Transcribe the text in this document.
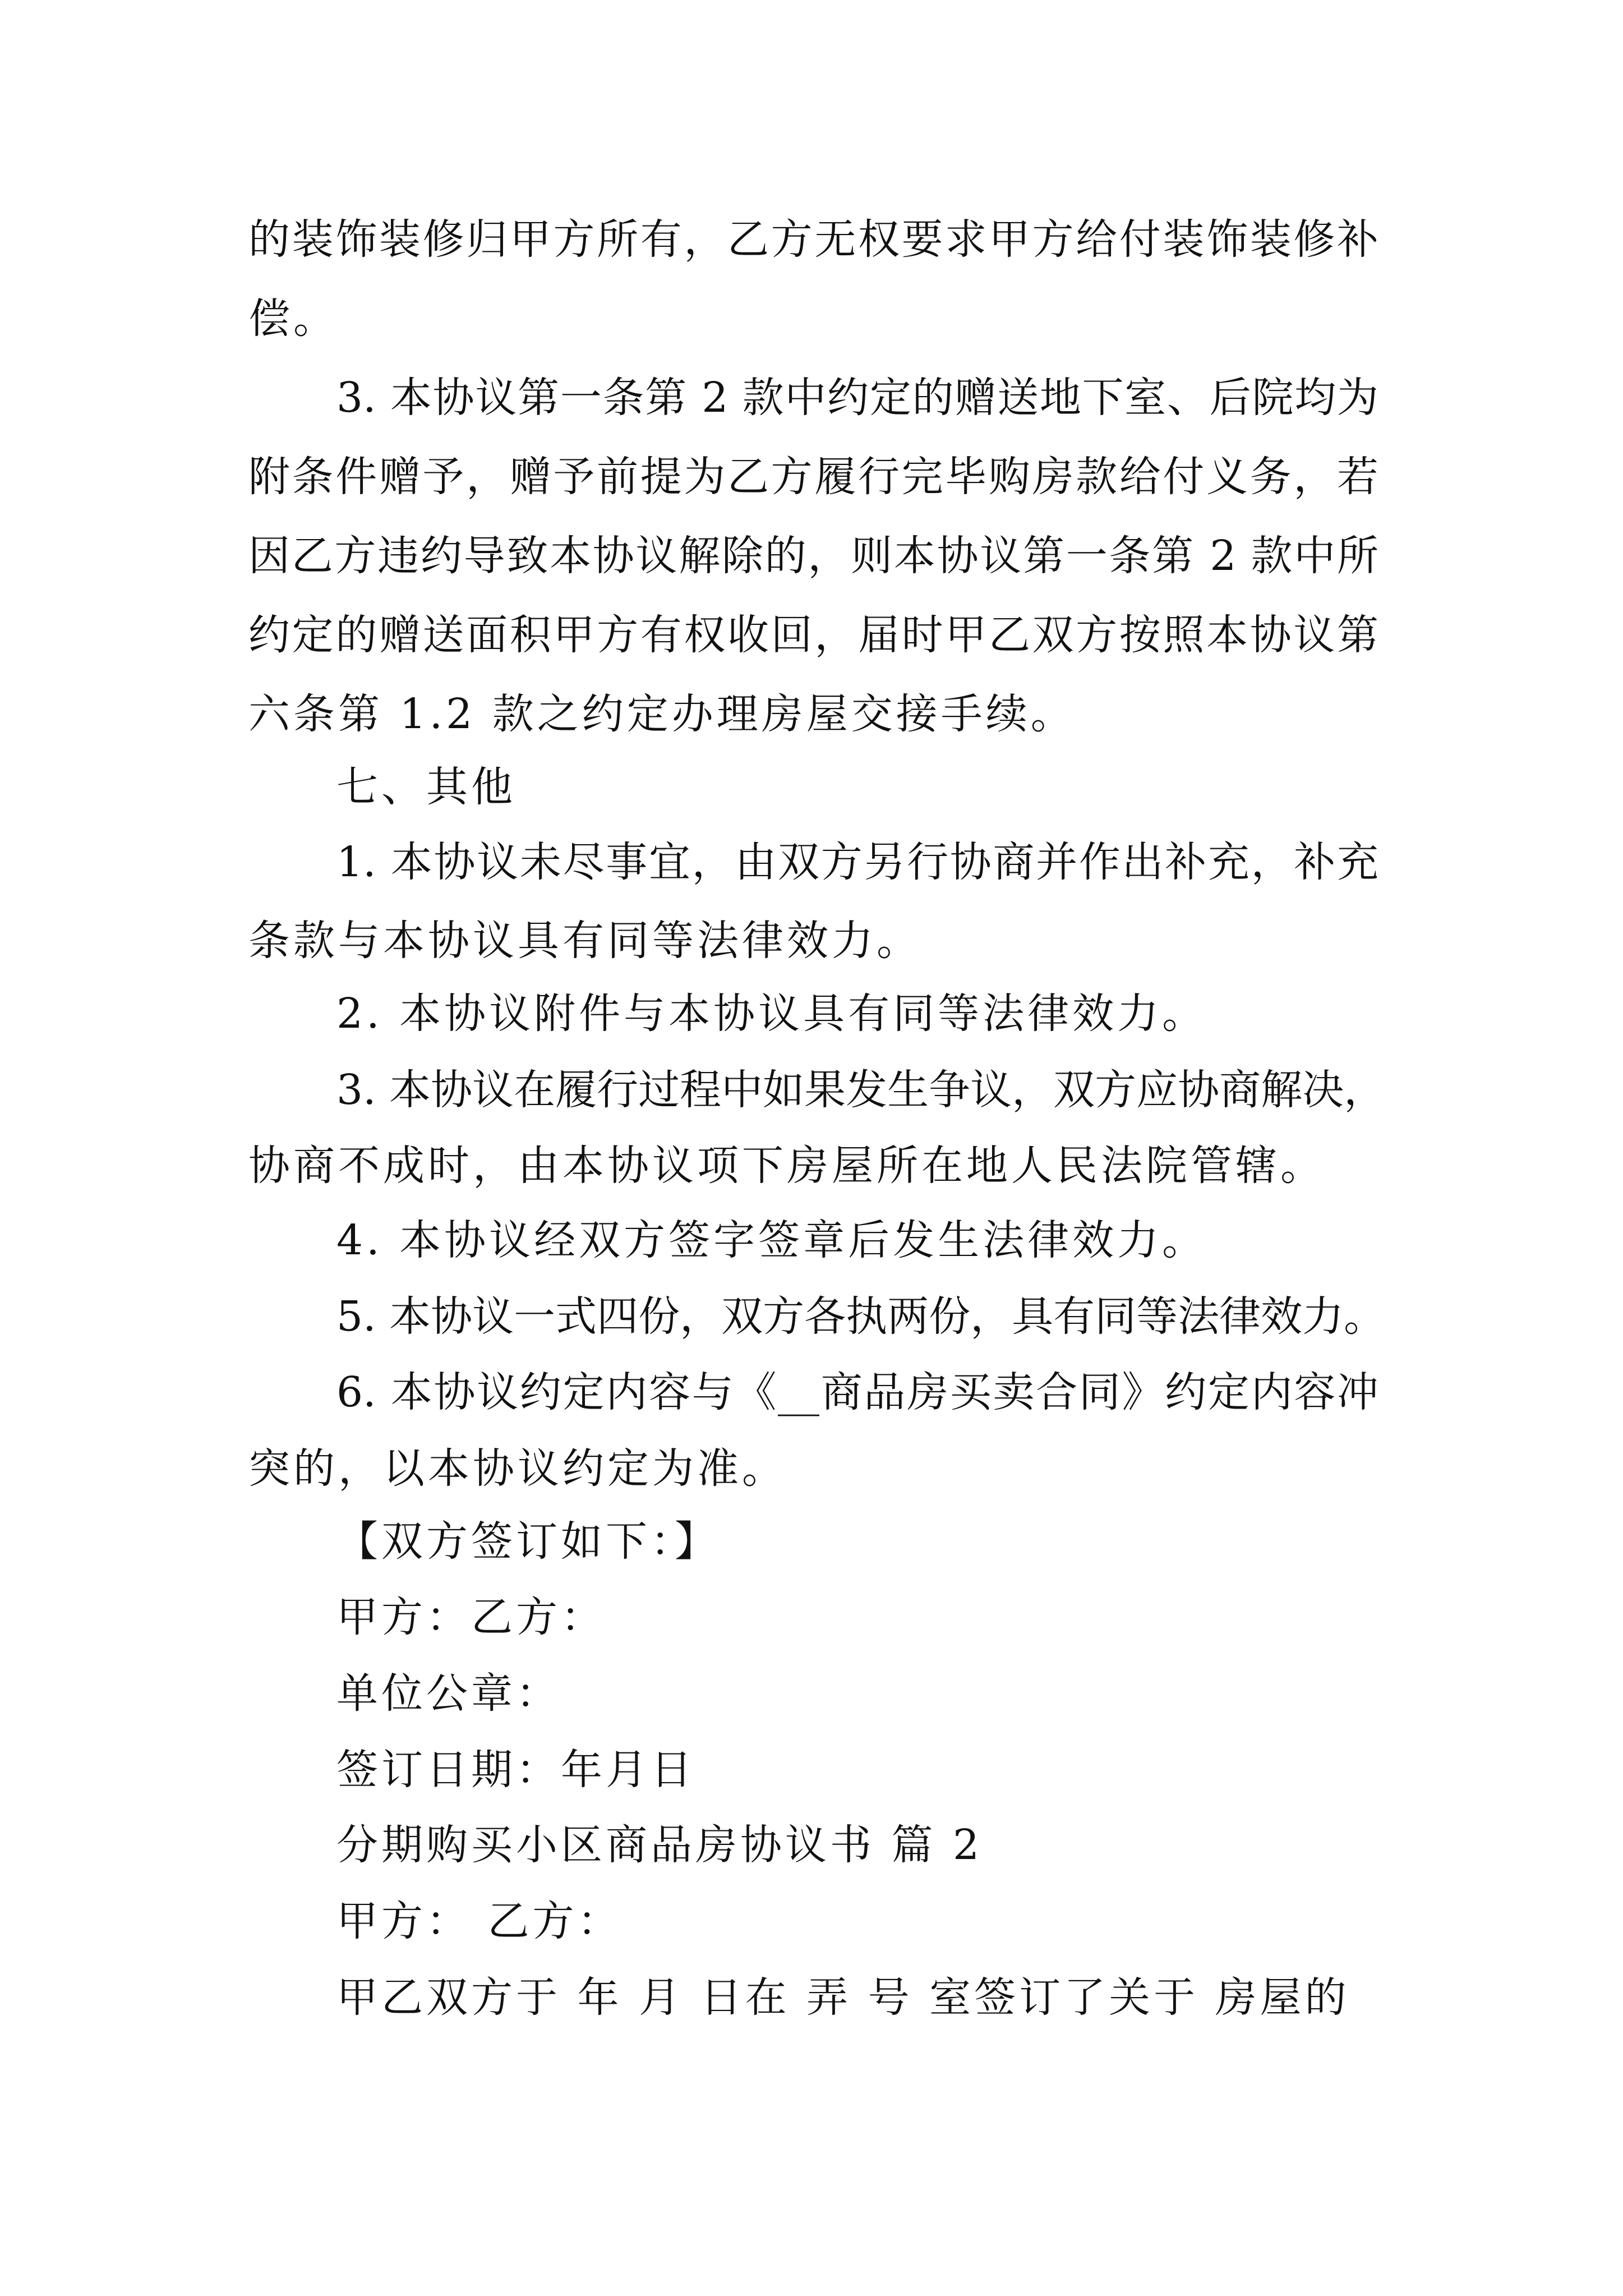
的装饰装修归甲方所有，乙方无权要求甲方给付装饰装修补
偿。
3. 本协议第一条第 2 款中约定的赠送地下室、后院均为
附条件赠予，赠予前提为乙方履行完毕购房款给付义务，若
因乙方违约导致本协议解除的，则本协议第一条第 2 款中所
约定的赠送面积甲方有权收回，届时甲乙双方按照本协议第
六条第 1.2 款之约定办理房屋交接手续。
七、其他
1. 本协议未尽事宜，由双方另行协商并作出补充，补充
条款与本协议具有同等法律效力。
2. 本协议附件与本协议具有同等法律效力。
3. 本协议在履行过程中如果发生争议，双方应协商解决，
协商不成时，由本协议项下房屋所在地人民法院管辖。
4. 本协议经双方签字签章后发生法律效力。
5. 本协议一式四份，双方各执两份，具有同等法律效力。
6. 本协议约定内容与《__商品房买卖合同》约定内容冲
突的，以本协议约定为准。
【双方签订如下：】
甲方：乙方：
单位公章：
签订日期：年月日
分期购买小区商品房协议书 篇 2
甲方： 乙方：
甲乙双方于 年 月 日在 弄 号 室签订了关于 房屋的
